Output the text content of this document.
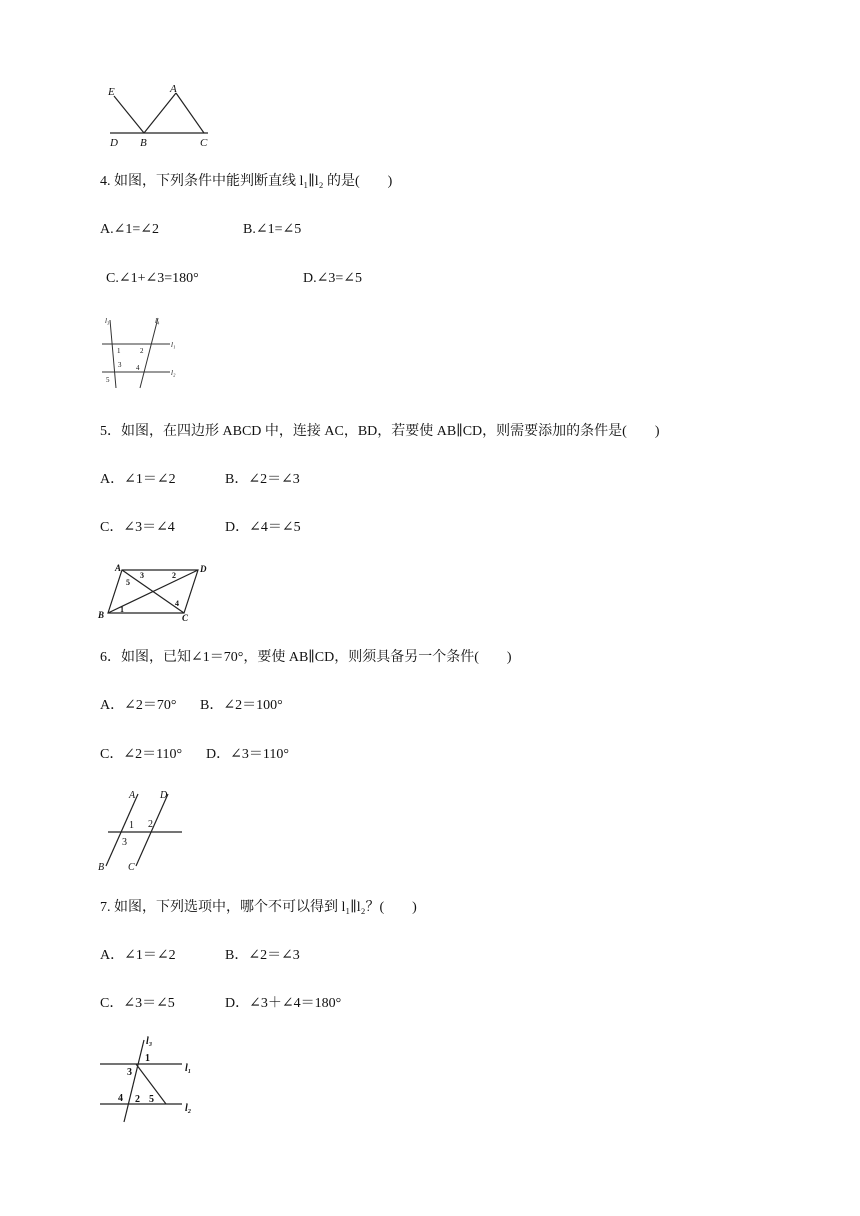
E	A
D B	C
4. 如图，下列条件中能判断直线 l₁∥l₂ 的是(　　)
A.∠1=∠2	B.∠1=∠5
C.∠1+∠3=180°	D.∠3=∠5
l₃	l₄
l₁
l₂
1	2
3 4
5
5．如图，在四边形 ABCD 中，连接 AC，BD，若要使 AB∥CD，则需要添加的条件是(　　)
A．∠1＝∠2	B．∠2＝∠3
C．∠3＝∠4	D．∠4＝∠5
A	D
B	C
1
2
3
4
5
6．如图，已知∠1＝70°，要使 AB∥CD，则须具备另一个条件(　　)
A．∠2＝70° B．∠2＝100°
C．∠2＝110° D．∠3＝110°
A D
1 2
3
B C
7. 如图，下列选项中，哪个不可以得到 l₁∥l₂？(　　)
A．∠1＝∠2	B．∠2＝∠3
C．∠3＝∠5	D．∠3＋∠4＝180°
l₃
1
3	l₁
4 2 5
l₂
